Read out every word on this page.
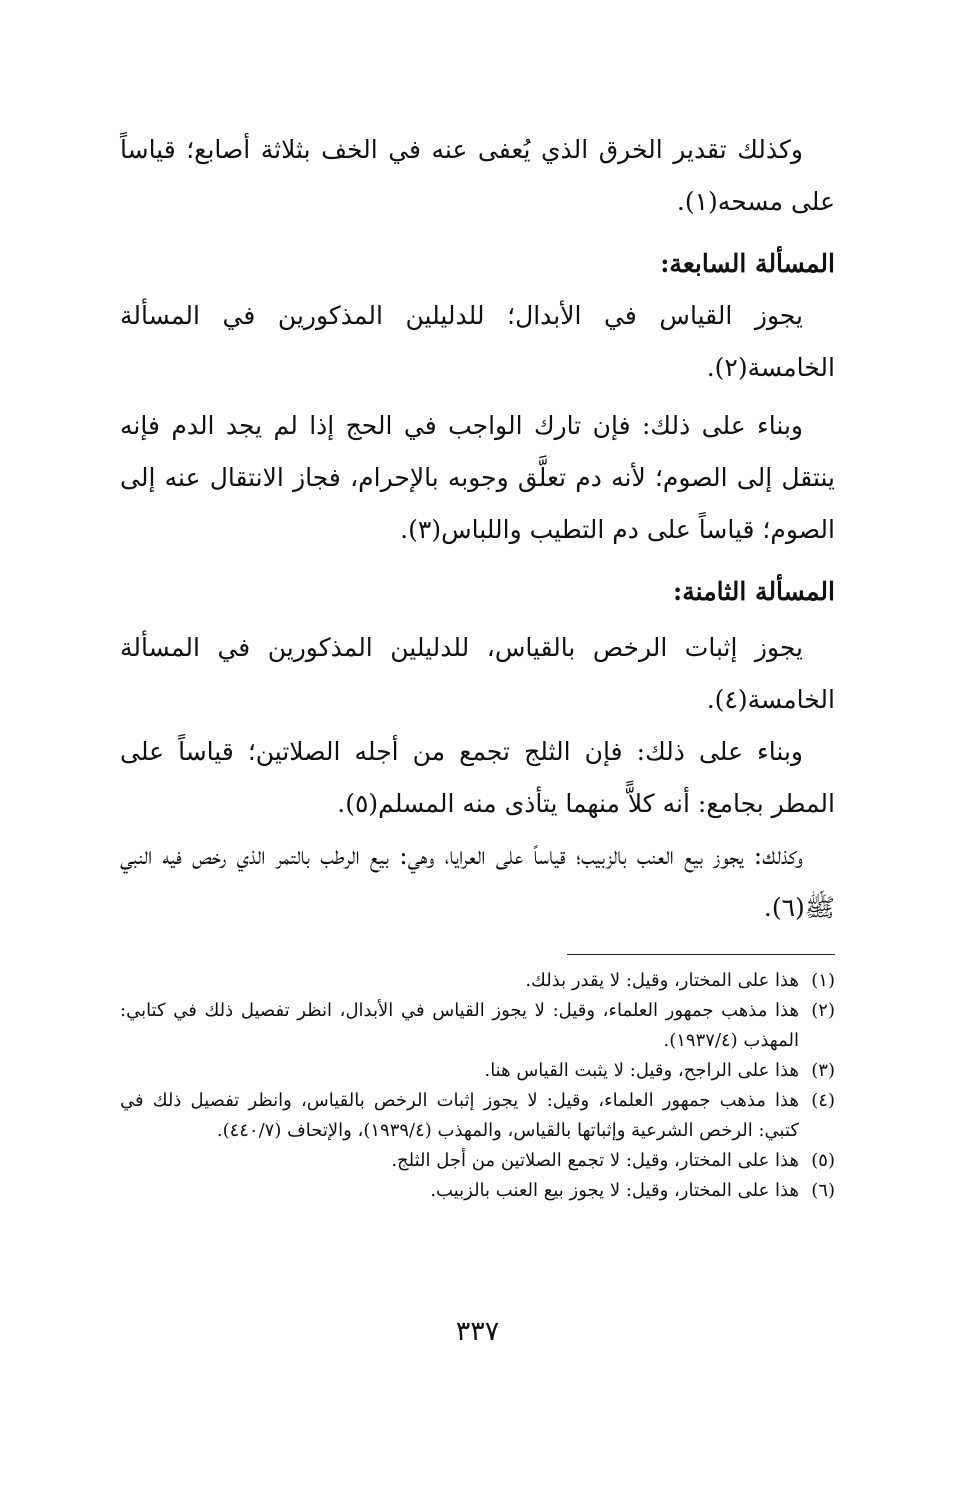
وكذلك تقدير الخرق الذي يُعفى عنه في الخف بثلاثة أصابع؛ قياساً على مسحه(١).

المسألة السابعة:

يجوز القياس في الأبدال؛ للدليلين المذكورين في المسألة الخامسة(٢).

وبناء على ذلك: فإن تارك الواجب في الحج إذا لم يجد الدم فإنه ينتقل إلى الصوم؛ لأنه دم تعلَّق وجوبه بالإحرام، فجاز الانتقال عنه إلى الصوم؛ قياساً على دم التطيب واللباس(٣).

المسألة الثامنة:

يجوز إثبات الرخص بالقياس، للدليلين المذكورين في المسألة الخامسة(٤).

وبناء على ذلك: فإن الثلج تجمع من أجله الصلاتين؛ قياساً على المطر بجامع: أنه كلاًّ منهما يتأذى منه المسلم(٥).

وكذلك: يجوز بيع العنب بالزبيب؛ قياساً على العرايا، وهي: بيع الرطب بالتمر الذي رخص فيه النبي ﷺ(٦).

(١)
هذا على المختار، وقيل: لا يقدر بذلك.
(٢)
هذا مذهب جمهور العلماء، وقيل: لا يجوز القياس في الأبدال، انظر تفصيل ذلك في كتابي: المهذب (١٩٣٧/٤).
(٣)
هذا على الراجح، وقيل: لا يثبت القياس هنا.
(٤)
هذا مذهب جمهور العلماء، وقيل: لا يجوز إثبات الرخص بالقياس، وانظر تفصيل ذلك في كتبي: الرخص الشرعية وإثباتها بالقياس، والمهذب (١٩٣٩/٤)، والإتحاف (٤٤٠/٧).
(٥)
هذا على المختار، وقيل: لا تجمع الصلاتين من أجل الثلج.
(٦)
هذا على المختار، وقيل: لا يجوز بيع العنب بالزبيب.
٣٣٧
